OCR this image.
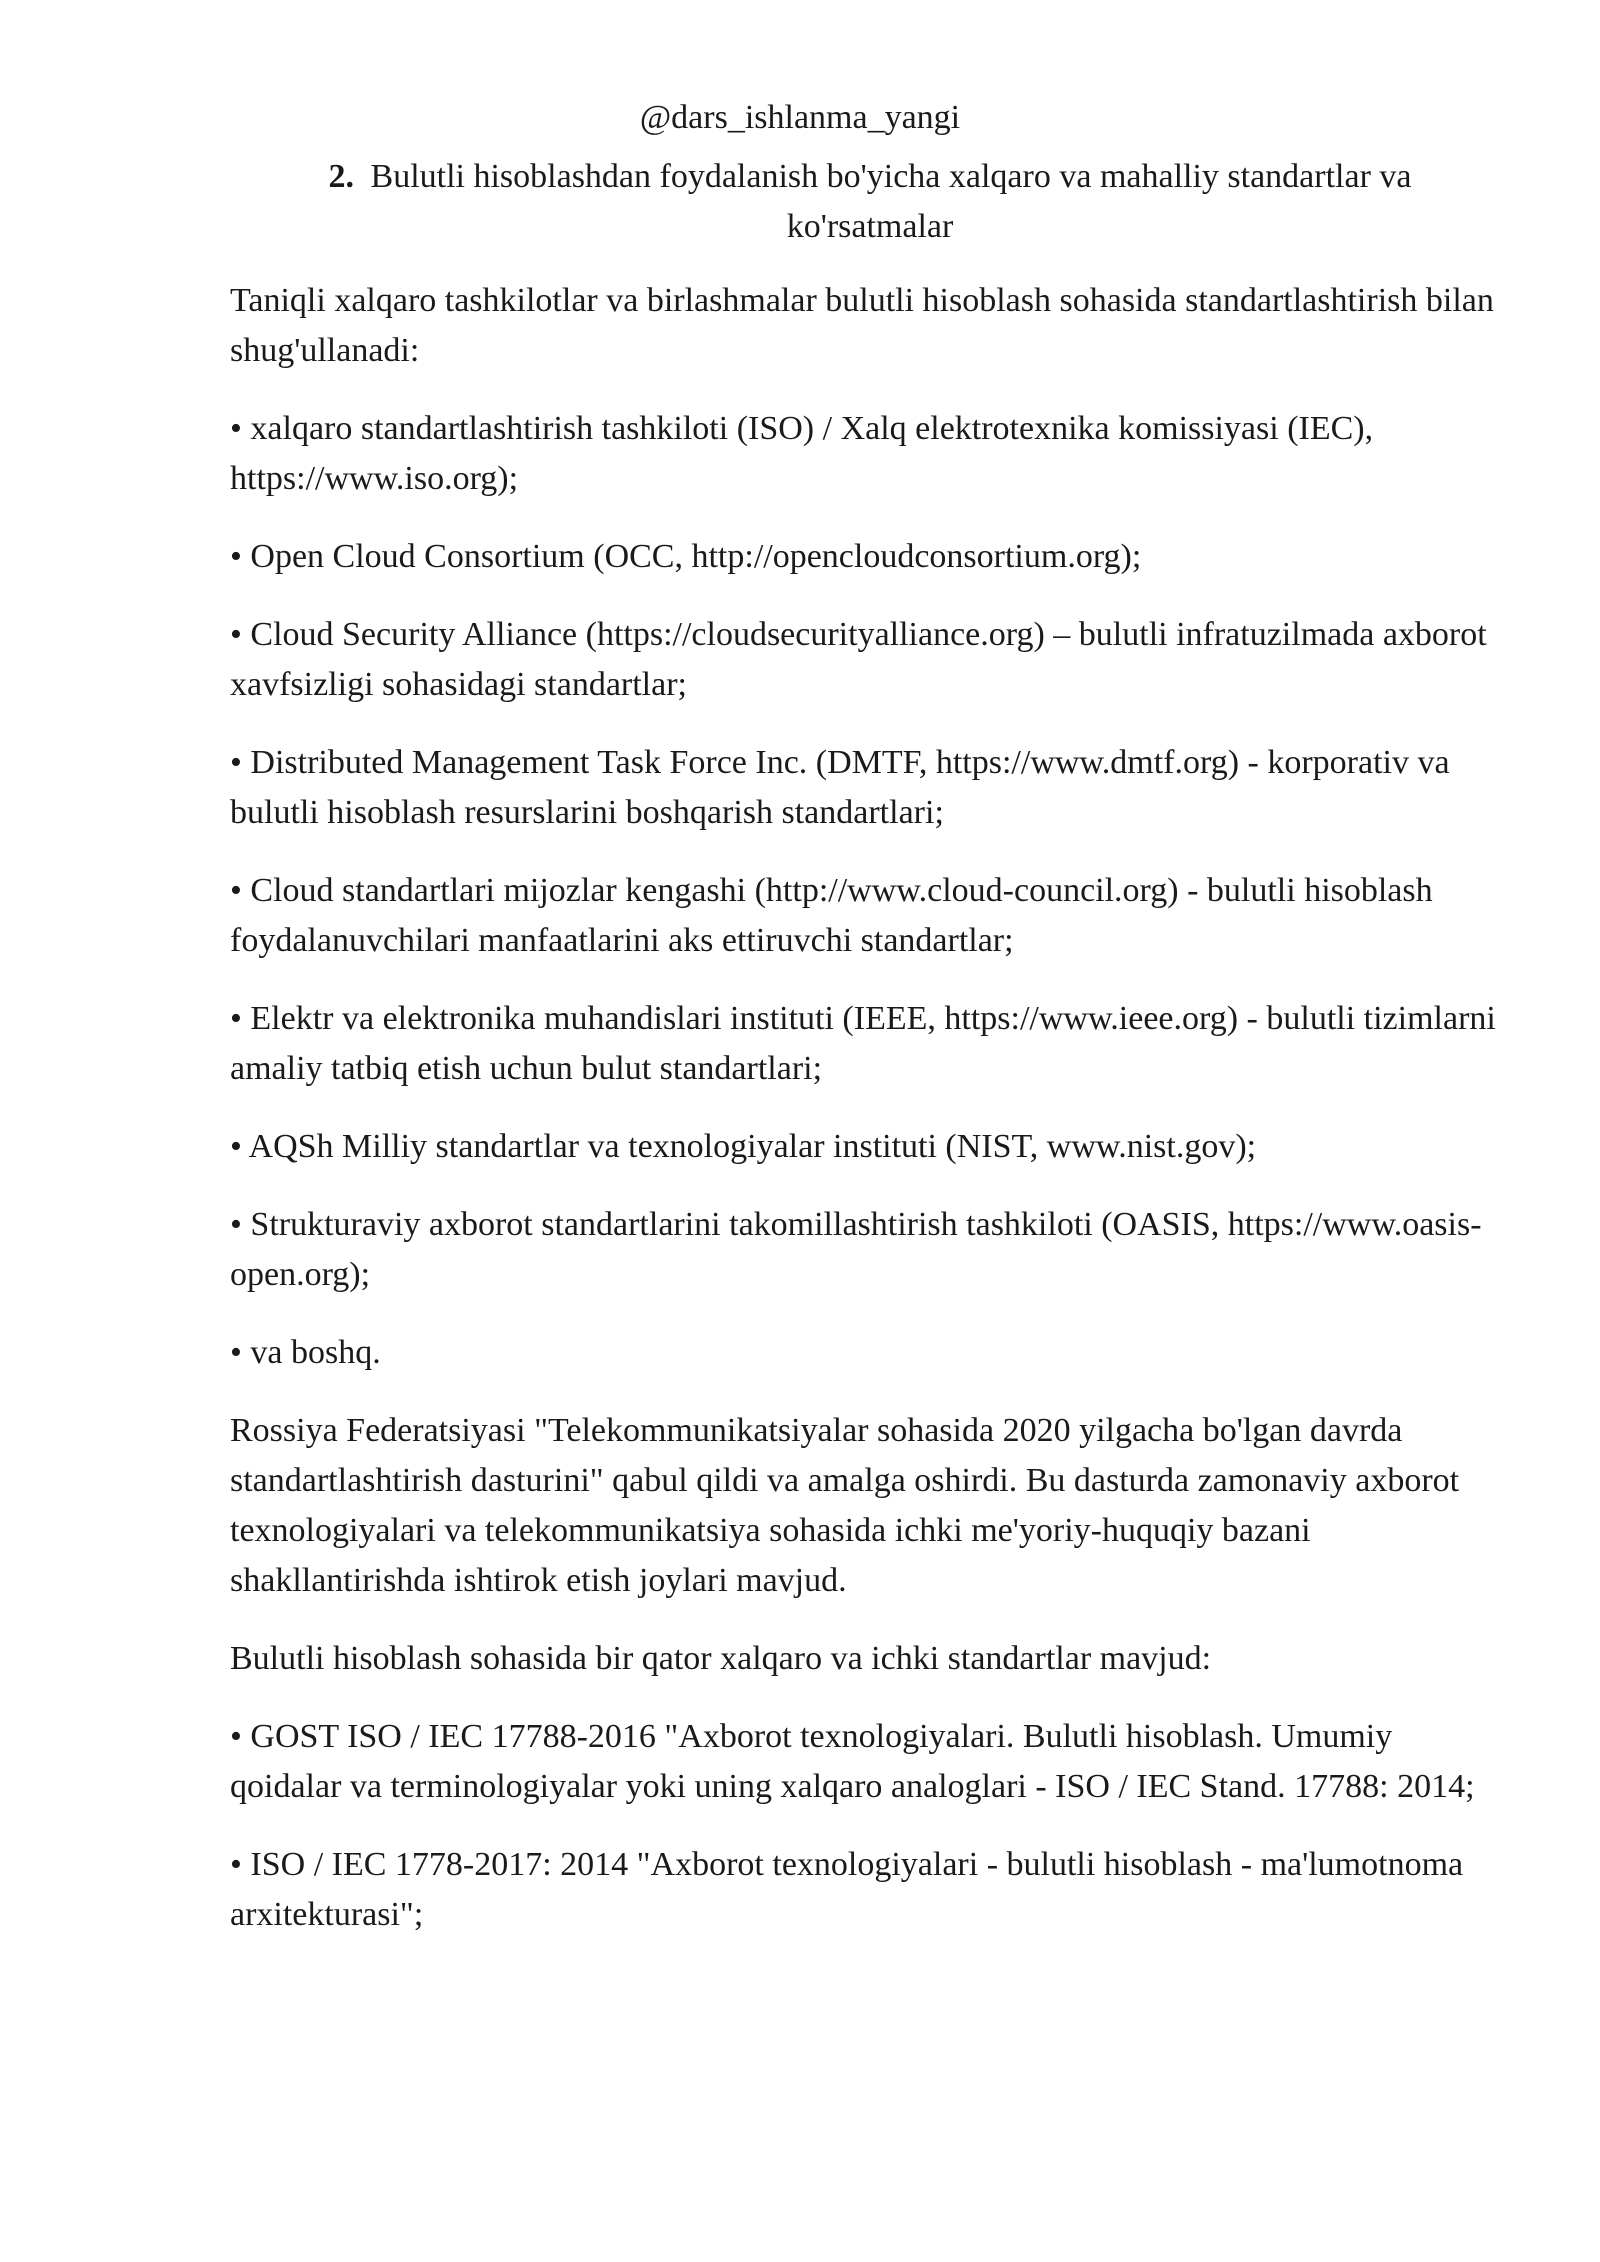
@dars_ishlanma_yangi
2. Bulutli hisoblashdan foydalanish bo'yicha xalqaro va mahalliy standartlar va ko'rsatmalar

Taniqli xalqaro tashkilotlar va birlashmalar bulutli hisoblash sohasida standartlashtirish bilan shug'ullanadi:

• xalqaro standartlashtirish tashkiloti (ISO) / Xalq elektrotexnika komissiyasi (IEC), https://www.iso.org);

• Open Cloud Consortium (OCC, http://opencloudconsortium.org);

• Cloud Security Alliance (https://cloudsecurityalliance.org) – bulutli infratuzilmada axborot xavfsizligi sohasidagi standartlar;

• Distributed Management Task Force Inc. (DMTF, https://www.dmtf.org) - korporativ va bulutli hisoblash resurslarini boshqarish standartlari;

• Cloud standartlari mijozlar kengashi (http://www.cloud-council.org) - bulutli hisoblash foydalanuvchilari manfaatlarini aks ettiruvchi standartlar;

• Elektr va elektronika muhandislari instituti (IEEE, https://www.ieee.org) - bulutli tizimlarni amaliy tatbiq etish uchun bulut standartlari;

• AQSh Milliy standartlar va texnologiyalar instituti (NIST, www.nist.gov);

• Strukturaviy axborot standartlarini takomillashtirish tashkiloti (OASIS, https://www.oasis-open.org);

• va boshq.

Rossiya Federatsiyasi "Telekommunikatsiyalar sohasida 2020 yilgacha bo'lgan davrda standartlashtirish dasturini" qabul qildi va amalga oshirdi. Bu dasturda zamonaviy axborot texnologiyalari va telekommunikatsiya sohasida ichki me'yoriy-huquqiy bazani shakllantirishda ishtirok etish joylari mavjud.

Bulutli hisoblash sohasida bir qator xalqaro va ichki standartlar mavjud:

• GOST ISO / IEC 17788-2016 "Axborot texnologiyalari. Bulutli hisoblash. Umumiy qoidalar va terminologiyalar yoki uning xalqaro analoglari - ISO / IEC Stand. 17788: 2014;

• ISO / IEC 1778-2017: 2014 "Axborot texnologiyalari - bulutli hisoblash - ma'lumotnoma arxitekturasi";
